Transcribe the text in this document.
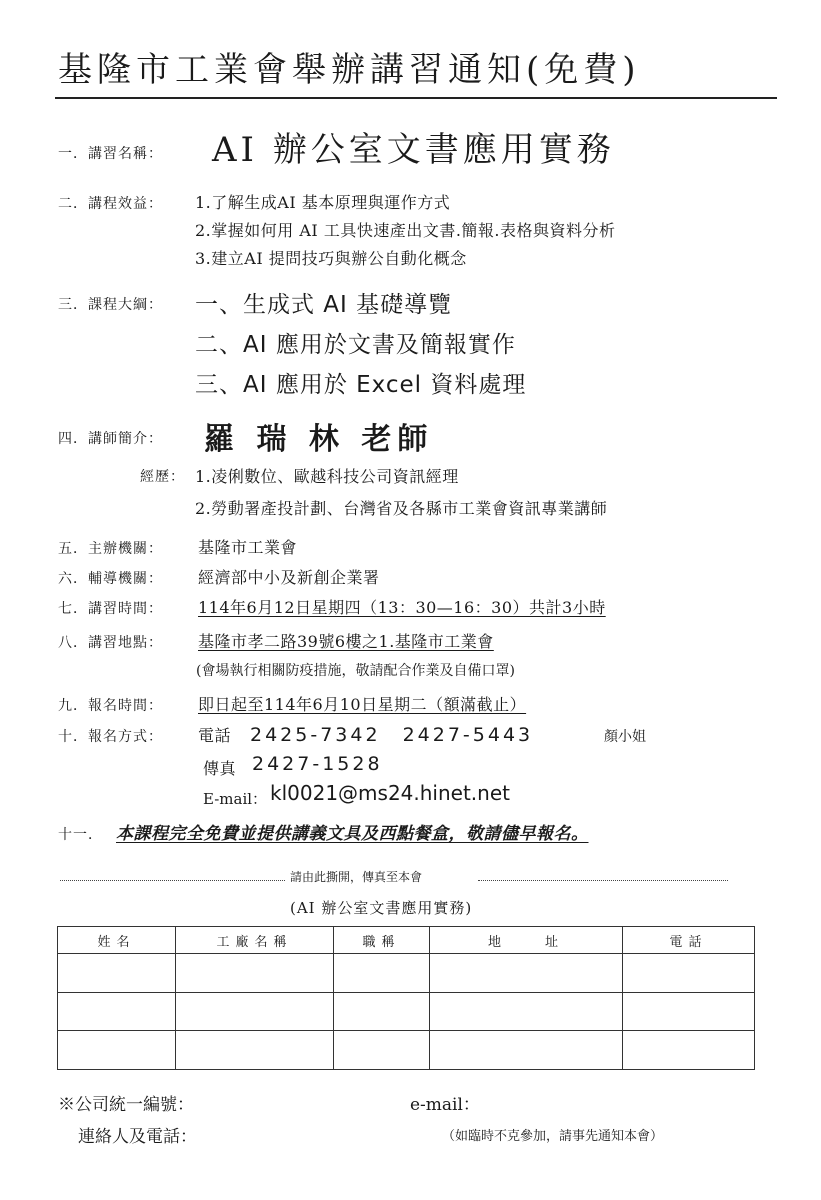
基隆市工業會舉辦講習通知(免費)
一．講習名稱： AI 辦公室文書應用實務
二．講程效益： 1.了解生成AI 基本原理與運作方式
2.掌握如何用 AI 工具快速產出文書.簡報.表格與資料分析
3.建立AI 提問技巧與辦公自動化概念
三．課程大綱： 一、生成式 AI 基礎導覽
二、AI 應用於文書及簡報實作
三、AI 應用於 Excel 資料處理
四．講師簡介： 羅 瑞 林 老師
經歷： 1.凌俐數位、歐越科技公司資訊經理
2.勞動署產投計劃、台灣省及各縣市工業會資訊專業講師
五．主辦機關： 基隆市工業會
六．輔導機關： 經濟部中小及新創企業署
七．講習時間： 114年6月12日星期四（13：30—16：30）共計3小時
八．講習地點： 基隆市孝二路39號6樓之1.基隆市工業會
(會場執行相關防疫措施，敬請配合作業及自備口罩)
九．報名時間： 即日起至114年6月10日星期二（額滿截止）
十．報名方式： 電話 2425-7342　2427-5443	顏小姐
傳真 2427-1528
E-mail： kl0021@ms24.hinet.net
十一． 本課程完全免費並提供講義文具及西點餐盒，敬請儘早報名。
請由此撕開，傳真至本會
(AI 辦公室文書應用實務)
姓名	工廠名稱	職稱	地　　址	電話

※公司統一編號：	e-mail：
連絡人及電話：	（如臨時不克參加，請事先通知本會）
